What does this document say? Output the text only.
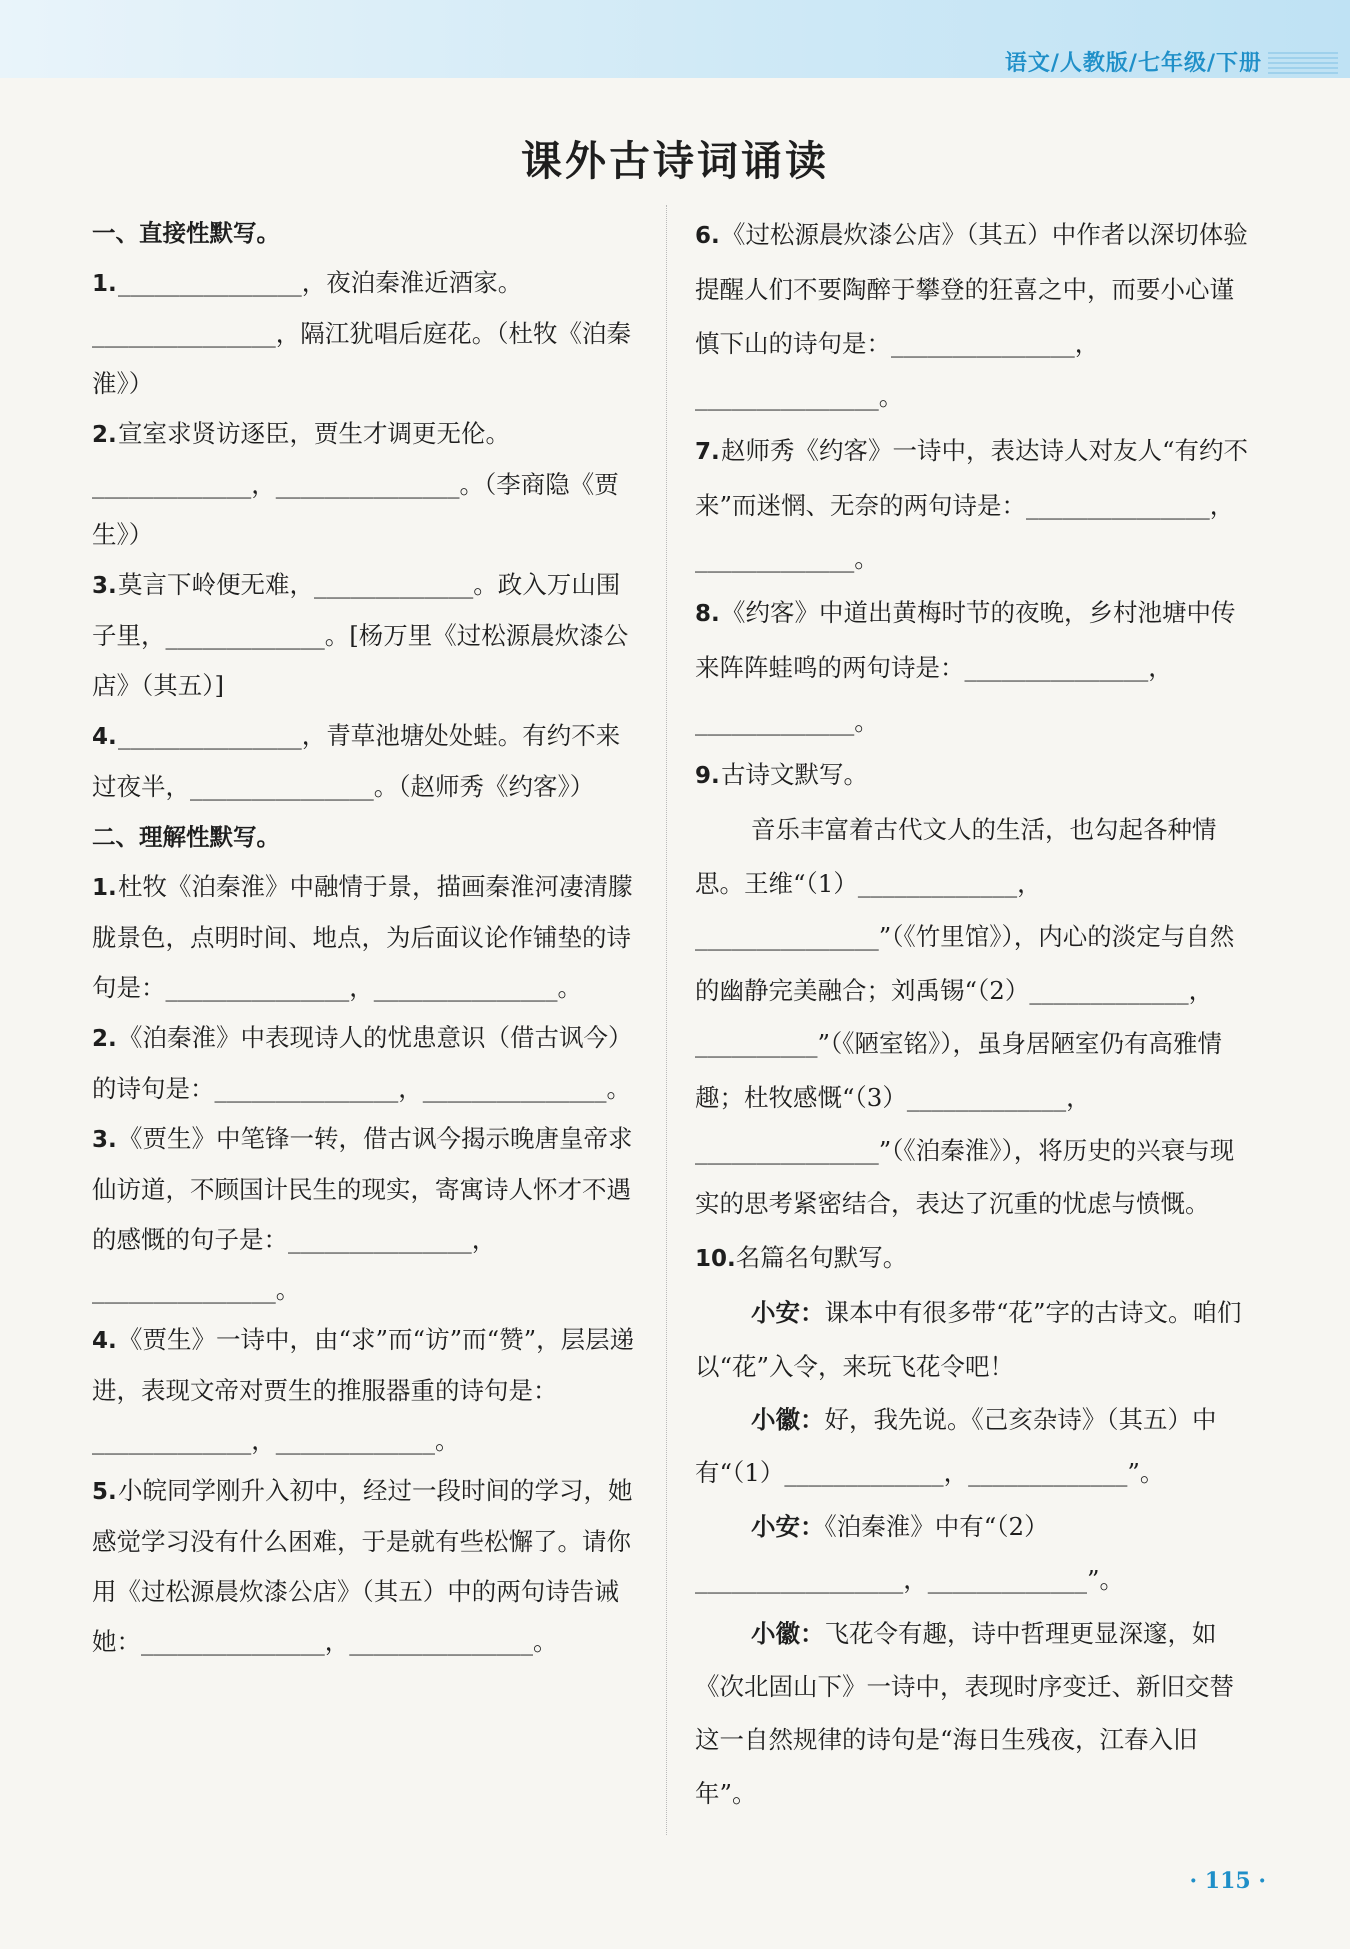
语文/人教版/七年级/下册
课外古诗词诵读

一、直接性默写。

1._______________，夜泊秦淮近酒家。_______________，隔江犹唱后庭花。（杜牧《泊秦淮》）

2.宣室求贤访逐臣，贾生才调更无伦。_____________，_______________。（李商隐《贾生》）

3.莫言下岭便无难，_____________。政入万山围子里，_____________。[杨万里《过松源晨炊漆公店》（其五）]

4._______________，青草池塘处处蛙。有约不来过夜半，_______________。（赵师秀《约客》）

二、理解性默写。

1.杜牧《泊秦淮》中融情于景，描画秦淮河凄清朦胧景色，点明时间、地点，为后面议论作铺垫的诗句是：_______________，_______________。

2.《泊秦淮》中表现诗人的忧患意识（借古讽今）的诗句是：_______________，_______________。

3.《贾生》中笔锋一转，借古讽今揭示晚唐皇帝求仙访道，不顾国计民生的现实，寄寓诗人怀才不遇的感慨的句子是：_______________，_______________。

4.《贾生》一诗中，由“求”而“访”而“赞”，层层递进，表现文帝对贾生的推服器重的诗句是：_____________，_____________。

5.小皖同学刚升入初中，经过一段时间的学习，她感觉学习没有什么困难，于是就有些松懈了。请你用《过松源晨炊漆公店》（其五）中的两句诗告诫她：_______________，_______________。

6.《过松源晨炊漆公店》（其五）中作者以深切体验提醒人们不要陶醉于攀登的狂喜之中，而要小心谨慎下山的诗句是：_______________，_______________。

7.赵师秀《约客》一诗中，表达诗人对友人“有约不来”而迷惘、无奈的两句诗是：_______________，_____________。

8.《约客》中道出黄梅时节的夜晚，乡村池塘中传来阵阵蛙鸣的两句诗是：_______________，_____________。

9.古诗文默写。

音乐丰富着古代文人的生活，也勾起各种情思。王维“（1）_____________，_______________”（《竹里馆》），内心的淡定与自然的幽静完美融合；刘禹锡“（2）_____________，__________”（《陋室铭》），虽身居陋室仍有高雅情趣；杜牧感慨“（3）_____________，_______________”（《泊秦淮》），将历史的兴衰与现实的思考紧密结合，表达了沉重的忧虑与愤慨。

10.名篇名句默写。

小安：课本中有很多带“花”字的古诗文。咱们以“花”入令，来玩飞花令吧！

小徽：好，我先说。《己亥杂诗》（其五）中有“（1）_____________，_____________”。

小安：《泊秦淮》中有“（2）_________________，_____________”。

小徽：飞花令有趣，诗中哲理更显深邃，如《次北固山下》一诗中，表现时序变迁、新旧交替这一自然规律的诗句是“海日生残夜，江春入旧年”。

· 115 ·
